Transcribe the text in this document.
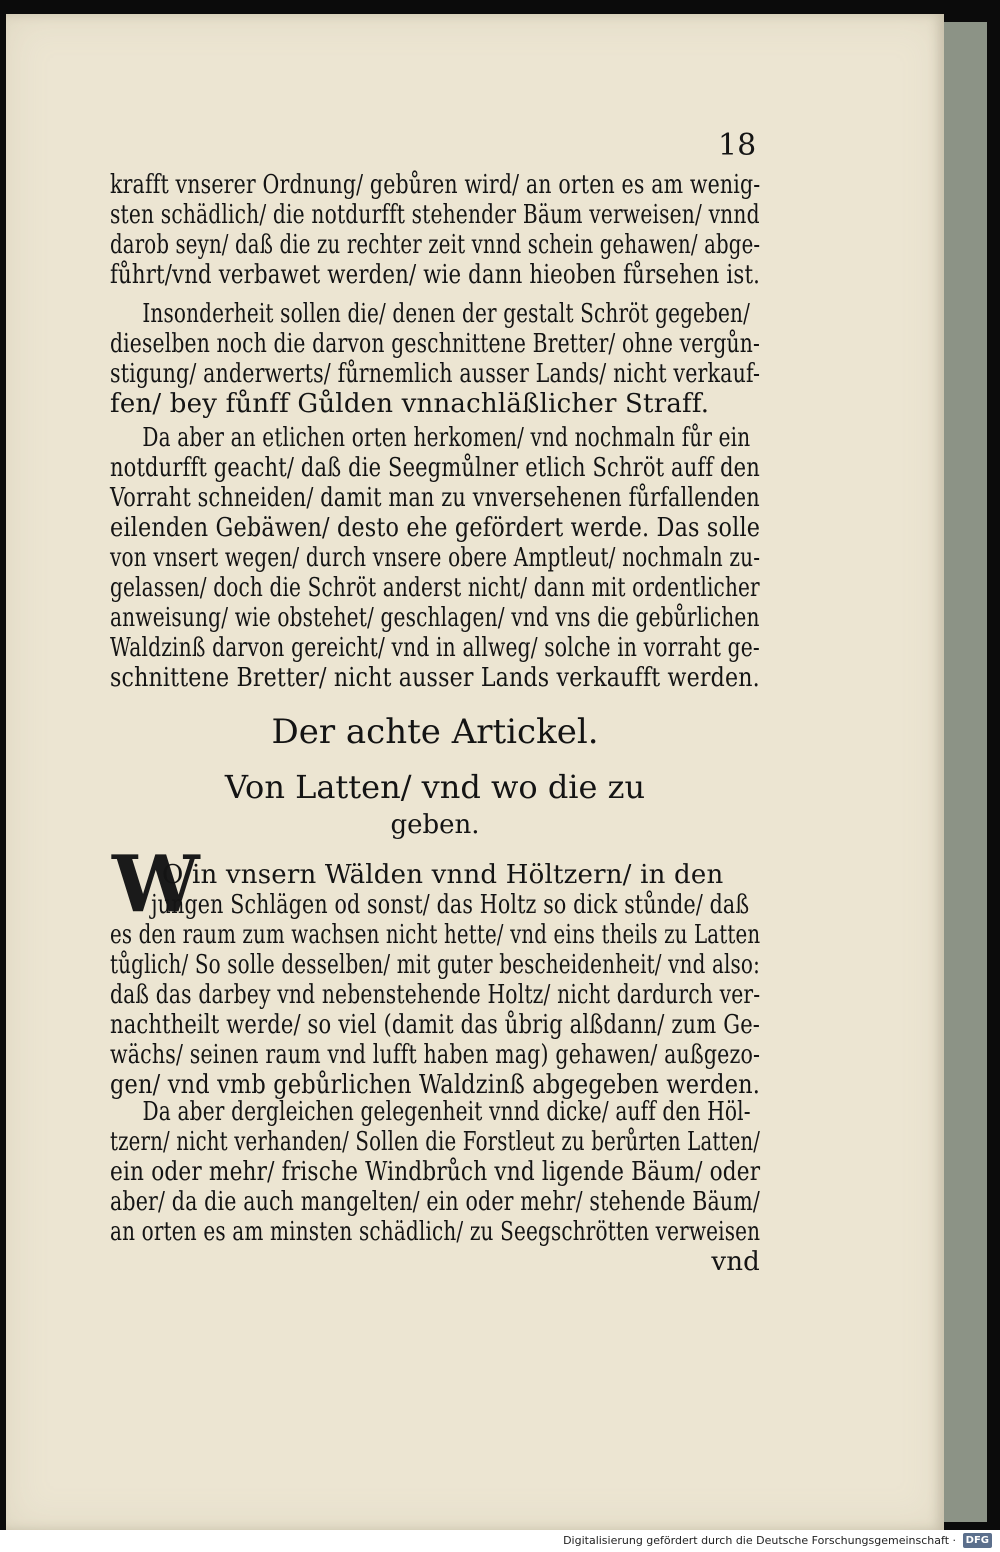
18
krafft vnserer Ordnung/ gebůren wird/ an orten es am wenig-
sten schädlich/ die notdurfft stehender Bäum verweisen/ vnnd
darob seyn/ daß die zu rechter zeit vnnd schein gehawen/ abge-
fůhrt/vnd verbawet werden/ wie dann hieoben fůrsehen ist.
Insonderheit sollen die/ denen der gestalt Schröt gegeben/
dieselben noch die darvon geschnittene Bretter/ ohne vergůn-
stigung/ anderwerts/ fůrnemlich ausser Lands/ nicht verkauf-
fen/ bey fůnff Gůlden vnnachläßlicher Straff.
Da aber an etlichen orten herkomen/ vnd nochmaln fůr ein
notdurfft geacht/ daß die Seegmůlner etlich Schröt auff den
Vorraht schneiden/ damit man zu vnversehenen fůrfallenden
eilenden Gebäwen/ desto ehe gefördert werde. Das solle
von vnsert wegen/ durch vnsere obere Amptleut/ nochmaln zu-
gelassen/ doch die Schröt anderst nicht/ dann mit ordentlicher
anweisung/ wie obstehet/ geschlagen/ vnd vns die gebůrlichen
Waldzinß darvon gereicht/ vnd in allweg/ solche in vorraht ge-
schnittene Bretter/ nicht ausser Lands verkaufft werden.
Der achte Artickel.
Von Latten/ vnd wo die zu
geben.
W
O in vnsern Wälden vnnd Höltzern/ in den
jungen Schlägen od sonst/ das Holtz so dick stůnde/ daß
es den raum zum wachsen nicht hette/ vnd eins theils zu Latten
tůglich/ So solle desselben/ mit guter bescheidenheit/ vnd also:
daß das darbey vnd nebenstehende Holtz/ nicht dardurch ver-
nachtheilt werde/ so viel (damit das ůbrig alßdann/ zum Ge-
wächs/ seinen raum vnd lufft haben mag) gehawen/ außgezo-
gen/ vnd vmb gebůrlichen Waldzinß abgegeben werden.
Da aber dergleichen gelegenheit vnnd dicke/ auff den Höl-
tzern/ nicht verhanden/ Sollen die Forstleut zu berůrten Latten/
ein oder mehr/ frische Windbrůch vnd ligende Bäum/ oder
aber/ da die auch mangelten/ ein oder mehr/ stehende Bäum/
an orten es am minsten schädlich/ zu Seegschrötten verweisen
vnd
Digitalisierung gefördert durch die Deutsche Forschungsgemeinschaft · DFG
